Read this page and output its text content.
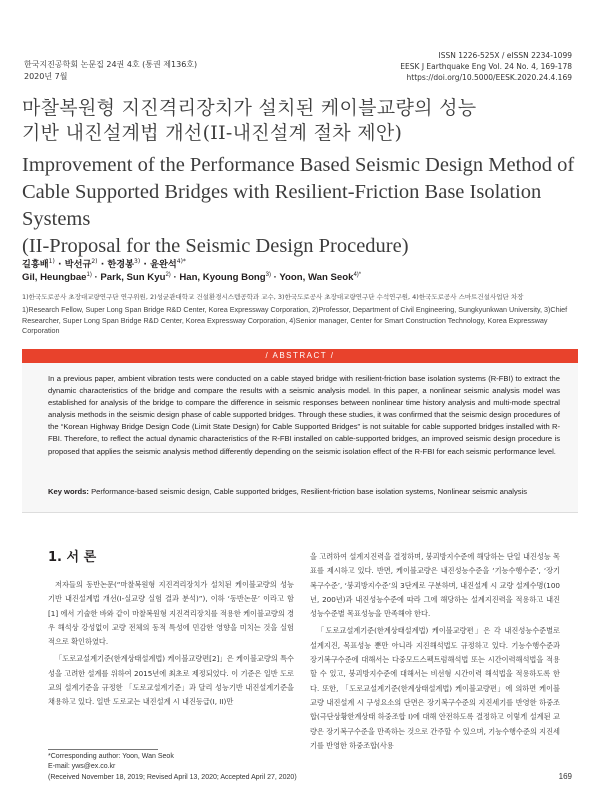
한국지진공학회 논문집 24권 4호 (통권 제136호)
2020년 7월
ISSN 1226-525X / eISSN 2234-1099
EESK J Earthquake Eng Vol. 24 No. 4, 169-178
https://doi.org/10.5000/EESK.2020.24.4.169
마찰복원형 지진격리장치가 설치된 케이블교량의 성능
기반 내진설계법 개선(II-내진설계 절차 제안)
Improvement of the Performance Based Seismic Design Method of
Cable Supported Bridges with Resilient-Friction Base Isolation Systems
(II-Proposal for the Seismic Design Procedure)
길흥배$^{1)}$ · 박선규$^{2)}$ · 한경봉$^{3)}$ · 윤완석$^{4)*}$
Gil, Heungbae$^{1)}$ · Park, Sun Kyu$^{2)}$ · Han, Kyoung Bong$^{3)}$ · Yoon, Wan Seok$^{4)*}$
1)한국도로공사 초장대교량연구단 연구위원, 2)성균관대학교 건설환경시스템공학과 교수, 3)한국도로공사 초장대교량연구단 수석연구원, 4)한국도로공사 스마트건설사업단 차장
1)Research Fellow, Super Long Span Bridge R&D Center, Korea Expressway Corporation, 2)Professor, Department of Civil Engineering, Sungkyunkwan University, 3)Chief Researcher, Super Long Span Bridge R&D Center, Korea Expressway Corporation, 4)Senior manager, Center for Smart Construction Technology, Korea Expressway Corporation
/ ABSTRACT /
In a previous paper, ambient vibration tests were conducted on a cable stayed bridge with resilient-friction base isolation systems (R-FBI) to extract the dynamic characteristics of the bridge and compare the results with a seismic analysis model. In this paper, a nonlinear seismic analysis model was established for analysis of the bridge to compare the difference in seismic responses between nonlinear time history analysis and multi-mode spectral analysis methods in the seismic design phase of cable supported bridges. Through these studies, it was confirmed that the seismic design procedures of the “Korean Highway Bridge Design Code (Limit State Design) for Cable Supported Bridges” is not suitable for cable supported bridges installed with R-FBI. Therefore, to reflect the actual dynamic characteristics of the R-FBI installed on cable-supported bridges, an improved seismic design procedure is proposed that applies the seismic analysis method differently depending on the seismic isolation effect of the R-FBI for each seismic performance level.
Key words: Performance-based seismic design, Cable supported bridges, Resilient-friction base isolation systems, Nonlinear seismic analysis
1. 서 론

저자들의 동반논문(“마찰복원형 지진격리장치가 설치된 케이블교량의 성능기반 내진설계법 개선(I-실교량 실험 결과 분석)”), 이하 ‘동반논문’ 이라고 함[1] 에서 기술한 바와 같이 마찰복원형 지진격리장치를 적용한 케이블교량의 경우 해석상 강성없이 교량 전체의 동적 특성에 민감한 영향을 미치는 것을 실험적으로 확인하였다.

「도로교설계기준(한계상태설계법) 케이블교량편[2]」은 케이블교량의 특수성을 고려한 설계를 위하여 2015년에 최초로 제정되었다. 이 기준은 일반 도로교의 설계기준을 규정한 「도로교설계기준」과 달리 성능기반 내진설계기준을 채용하고 있다. 일반 도로교는 내진설계 시 내진등급(I, II)만

을 고려하여 설계지진력을 결정하며, 붕괴방지수준에 해당하는 단일 내진성능 목표를 제시하고 있다. 반면, 케이블교량은 내진성능수준을 ‘기능수행수준’, ‘장기복구수준’, ‘붕괴방지수준’의 3단계로 구분하며, 내진설계 시 교량 설계수명(100년, 200년)과 내진성능수준에 따라 그에 해당하는 설계지진력을 적용하고 내진성능수준별 목표성능을 만족해야 한다.

「도로교설계기준(한계상태설계법) 케이블교량편」은 각 내진성능수준별로 설계지진, 목표성능 뿐만 아니라 지진해석법도 규정하고 있다. 기능수행수준과 장기복구수준에 대해서는 다중모드스펙트럼해석법 또는 시간이력해석법을 적용할 수 있고, 붕괴방지수준에 대해서는 비선형 시간이력 해석법을 적용하도록 한다. 또한, 「도로교설계기준(한계상태설계법) 케이블교량편」에 의하면 케이블교량 내진설계 시 구성요소의 단면은 장기복구수준의 지진세기를 반영한 하중조합(극단상황한계상태 하중조합 I)에 대해 안전하도록 결정하고 이렇게 설계된 교량은 장기복구수준을 만족하는 것으로 간주할 수 있으며, 기능수행수준의 지진세기를 반영한 하중조합(사용

*Corresponding author: Yoon, Wan Seok
E-mail: yws@ex.co.kr
(Received November 18, 2019; Revised April 13, 2020; Accepted April 27, 2020)	169
